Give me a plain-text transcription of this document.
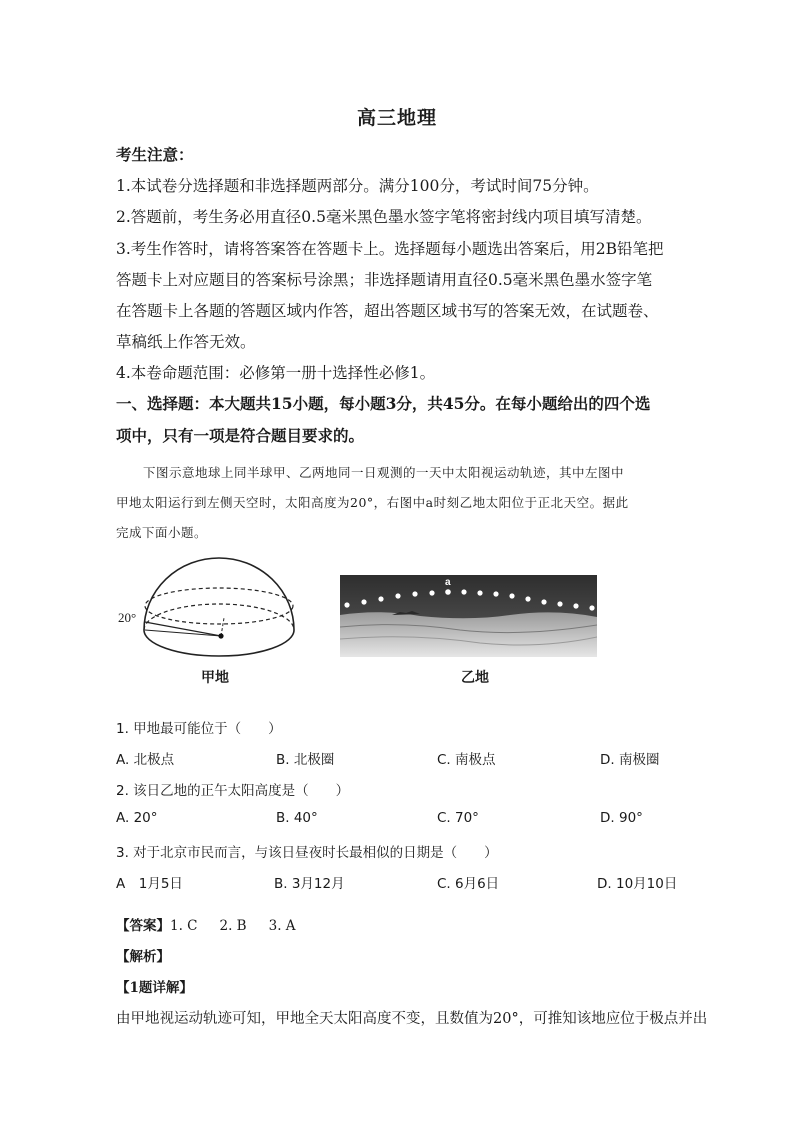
高三地理
考生注意：
1.本试卷分选择题和非选择题两部分。满分100分，考试时间75分钟。
2.答题前，考生务必用直径0.5毫米黑色墨水签字笔将密封线内项目填写清楚。
3.考生作答时，请将答案答在答题卡上。选择题每小题选出答案后，用2B铅笔把
答题卡上对应题目的答案标号涂黑；非选择题请用直径0.5毫米黑色墨水签字笔
在答题卡上各题的答题区域内作答，超出答题区域书写的答案无效，在试题卷、
草稿纸上作答无效。
4.本卷命题范围：必修第一册十选择性必修1。
一、选择题：本大题共15小题，每小题3分，共45分。在每小题给出的四个选
项中，只有一项是符合题目要求的。
下图示意地球上同半球甲、乙两地同一日观测的一天中太阳视运动轨迹，其中左图中
甲地太阳运行到左侧天空时，太阳高度为20°，右图中a时刻乙地太阳位于正北天空。据此
完成下面小题。
20°
甲地
a
乙地
1. 甲地最可能位于（　　）
A. 北极点	B. 北极圈	C. 南极点	D. 南极圈
2. 该日乙地的正午太阳高度是（　　）
A. 20°	B. 40°	C. 70°	D. 90°
3. 对于北京市民而言，与该日昼夜时长最相似的日期是（　　）
A　1月5日	B. 3月12月	C. 6月6日	D. 10月10日
【答案】1. C 2. B 3. A
【解析】
【1题详解】
由甲地视运动轨迹可知，甲地全天太阳高度不变，且数值为20°，可推知该地应位于极点并出
